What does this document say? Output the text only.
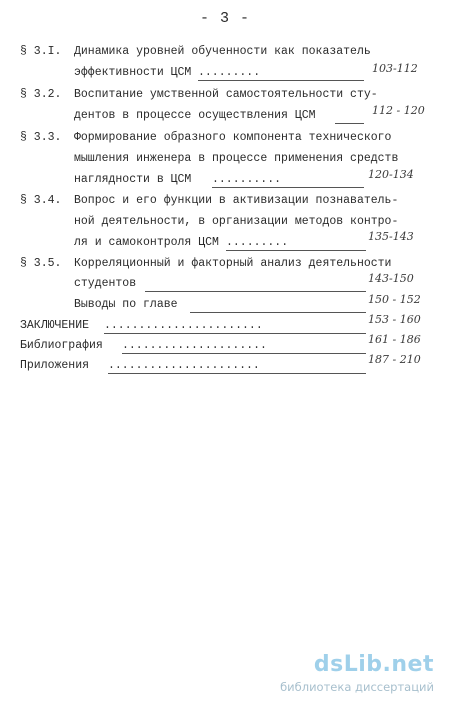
- 3 -
§ 3.I. Динамика уровней обученности как показатель
эффективности ЦСМ .........	103-112
§ 3.2. Воспитание умственной самостоятельности сту-
дентов в процессе осуществления ЦСМ	112 - 120
§ 3.3. Формирование образного компонента технического
мышления инженера в процессе применения средств
наглядности в ЦСМ ..........	120-134
§ 3.4. Вопрос и его функции в активизации познаватель-
ной деятельности, в организации методов контро-
ля и самоконтроля ЦСМ .........	135-143
§ 3.5. Корреляционный и факторный анализ деятельности
студентов	143-150
Выводы по главе	150 - 152
ЗАКЛЮЧЕНИЕ .......................	153 - 160
Библиография .....................	161 - 186
Приложения ......................	187 - 210
dsLib.net
библиотека диссертаций
